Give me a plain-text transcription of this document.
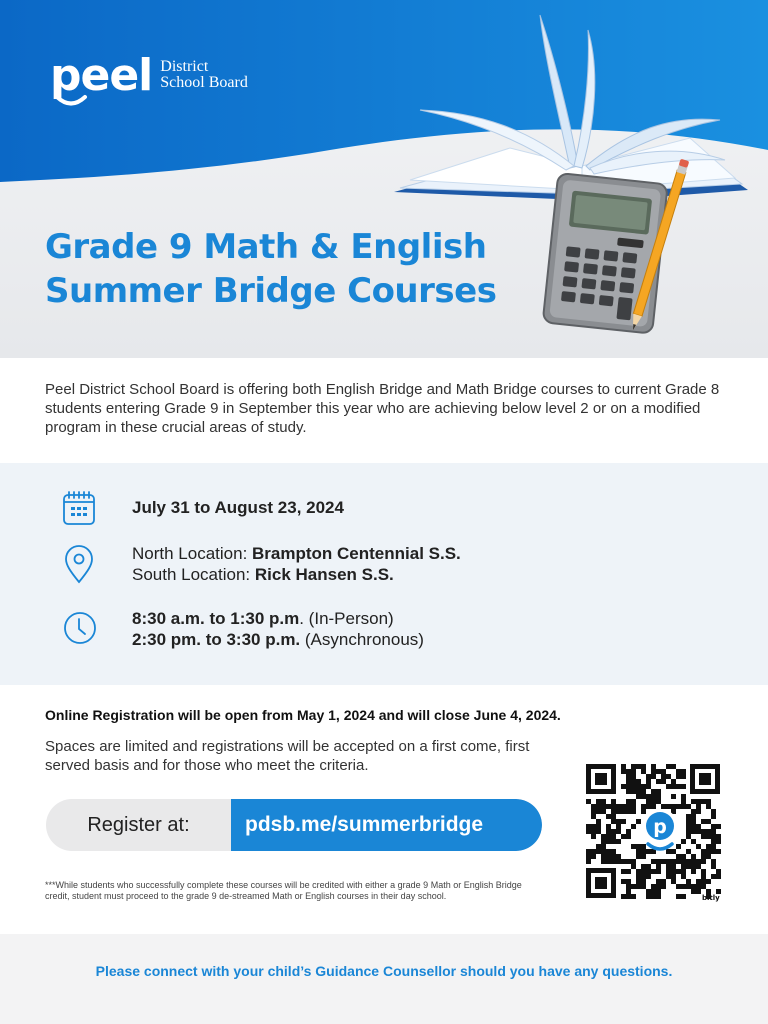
peel District
School Board
Grade 9 Math & English
Summer Bridge Courses

Peel District School Board is offering both English Bridge and Math Bridge courses to current Grade 8 students entering Grade 9 in September this year who are achieving below level 2 or on a modified program in these crucial areas of study.

July 31 to August 23, 2024
North Location: Brampton Centennial S.S.
South Location: Rick Hansen S.S.
8:30 a.m. to 1:30 p.m. (In-Person)
2:30 pm. to 3:30 p.m. (Asynchronous)
Online Registration will be open from May 1, 2024 and will close June 4, 2024.

Spaces are limited and registrations will be accepted on a first come, first served basis and for those who meet the criteria.

Register at:	pdsb.me/summerbridge	p
bitly

***While students who successfully complete these courses will be credited with either a grade 9 Math or English Bridge credit, student must proceed to the grade 9 de-streamed Math or English courses in their day school.

Please connect with your child’s Guidance Counsellor should you have any questions.
